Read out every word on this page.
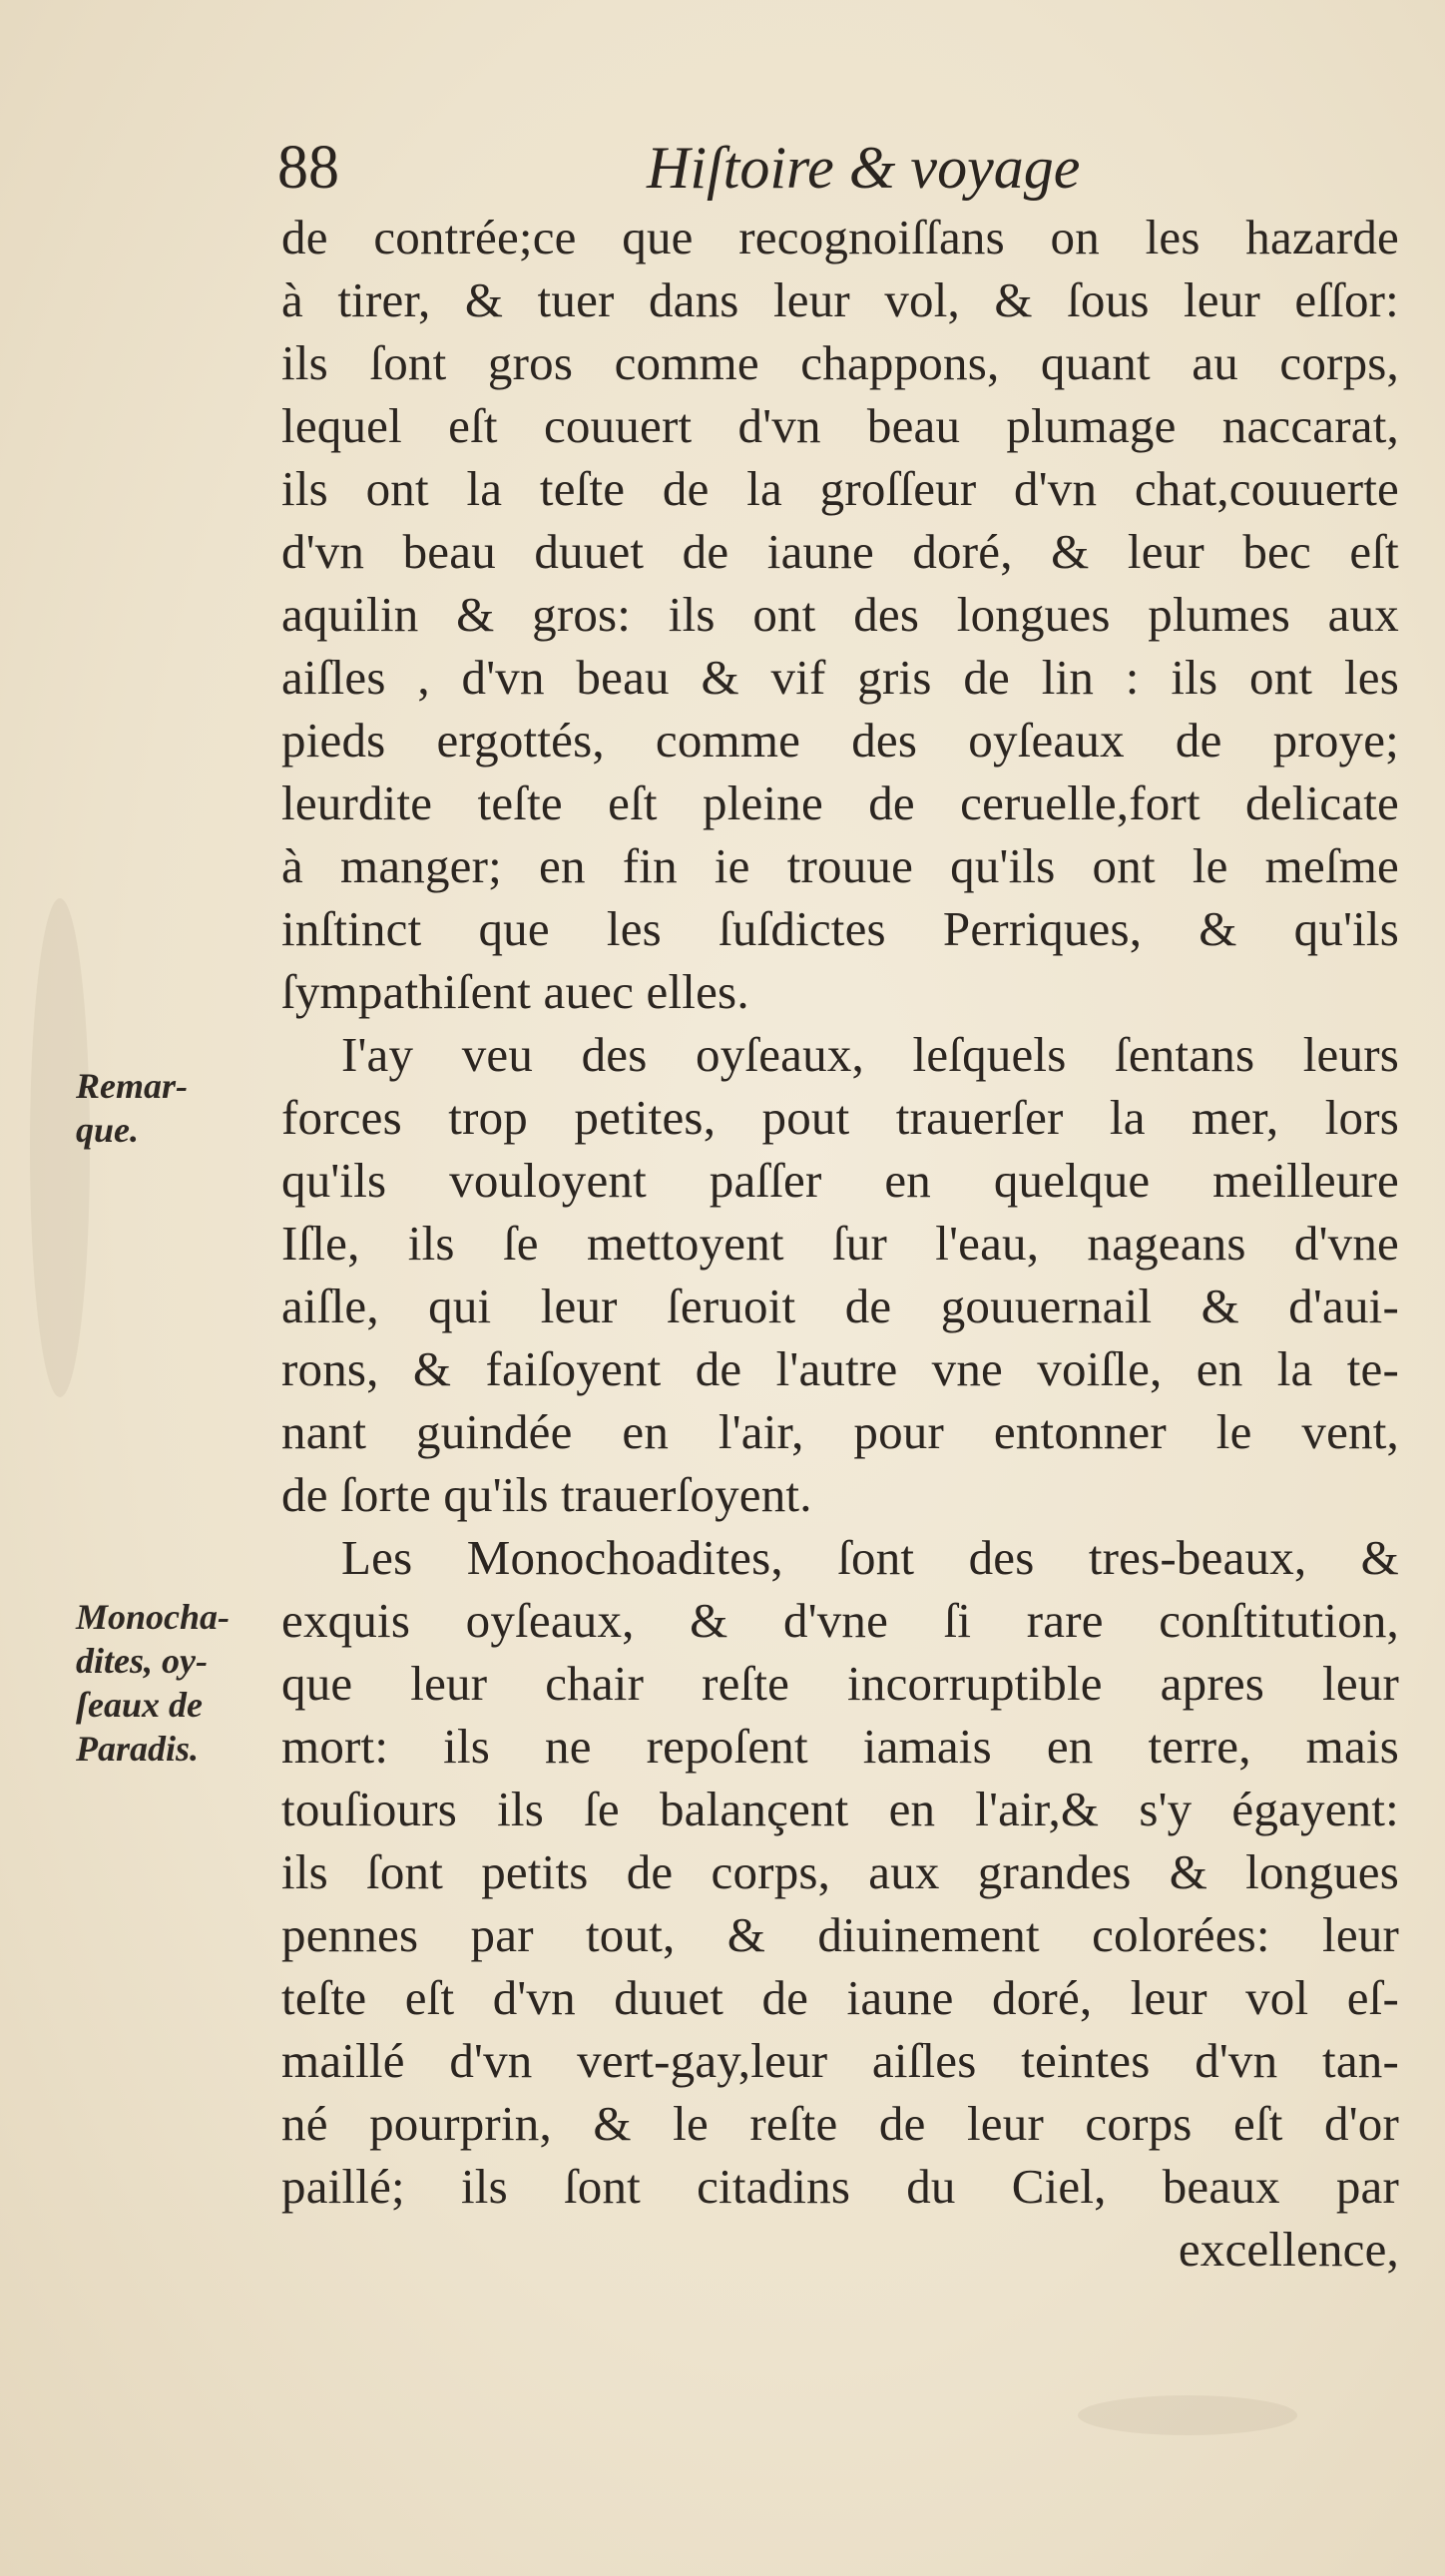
88	Hiſtoire & voyage
Remar-
que.
Monocha-
dites, oy-
ſeaux de
Paradis.
de contrée;ce que recognoiſſans on les hazarde
à tirer, & tuer dans leur vol, & ſous leur eſſor:
ils ſont gros comme chappons, quant au corps,
lequel eſt couuert d'vn beau plumage naccarat,
ils ont la teſte de la groſſeur d'vn chat,couuerte
d'vn beau duuet de iaune doré, & leur bec eſt
aquilin & gros: ils ont des longues plumes aux
aiſles , d'vn beau & vif gris de lin : ils ont les
pieds ergottés, comme des oyſeaux de proye;
leurdite teſte eſt pleine de ceruelle,fort delicate
à manger; en fin ie trouue qu'ils ont le meſme
inſtinct que les ſuſdictes Perriques, & qu'ils
ſympathiſent auec elles.
I'ay veu des oyſeaux, leſquels ſentans leurs
forces trop petites, pout trauerſer la mer, lors
qu'ils vouloyent paſſer en quelque meilleure
Iſle, ils ſe mettoyent ſur l'eau, nageans d'vne
aiſle, qui leur ſeruoit de gouuernail & d'aui-
rons, & faiſoyent de l'autre vne voiſle, en la te-
nant guindée en l'air, pour entonner le vent,
de ſorte qu'ils trauerſoyent.
Les Monochoadites, ſont des tres-beaux, &
exquis oyſeaux, & d'vne ſi rare conſtitution,
que leur chair reſte incorruptible apres leur
mort: ils ne repoſent iamais en terre, mais
touſiours ils ſe balançent en l'air,& s'y égayent:
ils ſont petits de corps, aux grandes & longues
pennes par tout, & diuinement colorées: leur
teſte eſt d'vn duuet de iaune doré, leur vol eſ-
maillé d'vn vert-gay,leur aiſles teintes d'vn tan-
né pourprin, & le reſte de leur corps eſt d'or
paillé; ils ſont citadins du Ciel, beaux par
excellence,
